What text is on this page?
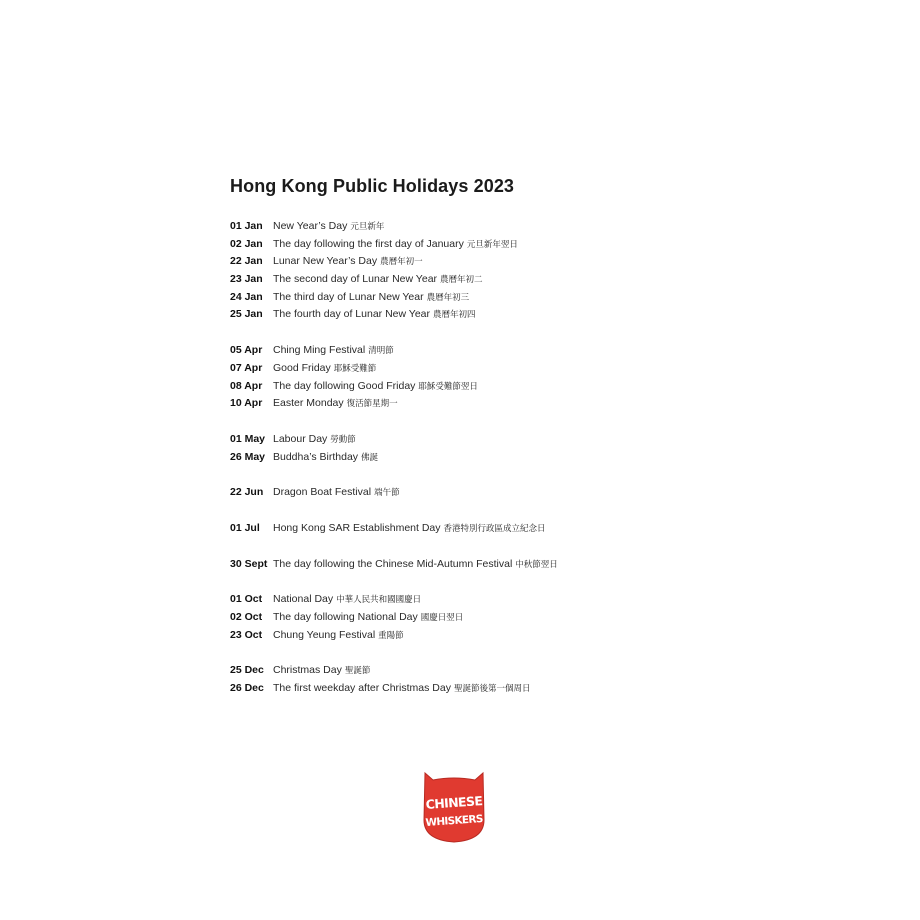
Hong Kong Public Holidays 2023
01 Jan New Year’s Day 元旦新年
02 Jan The day following the first day of January 元旦新年翌日
22 Jan Lunar New Year’s Day 農曆年初一
23 Jan The second day of Lunar New Year 農曆年初二
24 Jan The third day of Lunar New Year 農曆年初三
25 Jan The fourth day of Lunar New Year 農曆年初四
05 Apr	Ching Ming Festival 清明節
07 Apr	Good Friday 耶穌受難節
08 Apr	The day following Good Friday 耶穌受難節翌日
10 Apr	Easter Monday 復活節星期一
01 May Labour Day 勞動節
26 May Buddha’s Birthday 佛誕
22 Jun Dragon Boat Festival 端午節
01 Jul	Hong Kong SAR Establishment Day 香港特別行政區成立紀念日
30 Sept The day following the Chinese Mid-Autumn Festival 中秋節翌日
01 Oct	National Day 中華人民共和國國慶日
02 Oct	The day following National Day 國慶日翌日
23 Oct	Chung Yeung Festival 重陽節
25 Dec Christmas Day 聖誕節
26 Dec The first weekday after Christmas Day 聖誕節後第一個周日
CHINESE
WHISKERS
